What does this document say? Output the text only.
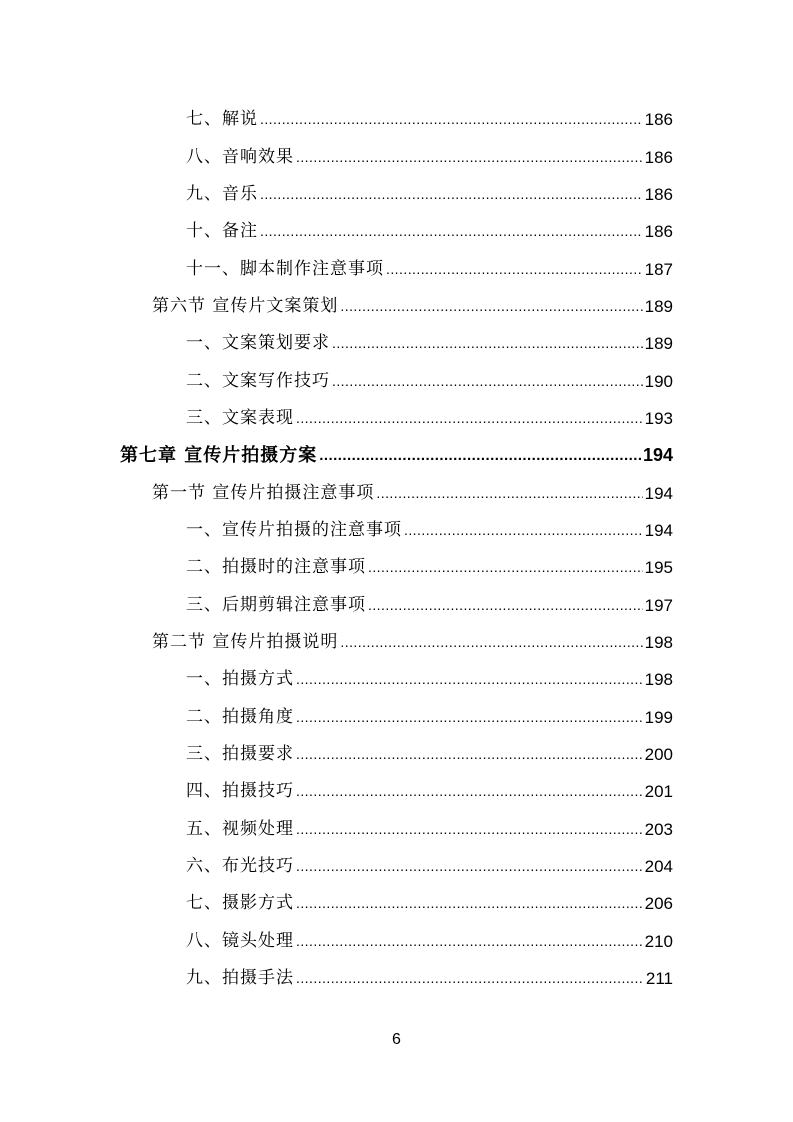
七、解说 .....	186
八、音响效果 .....	186
九、音乐 .....	186
十、备注 .....	186
十一、脚本制作注意事项 .....	187
第六节 宣传片文案策划 .....	189
一、文案策划要求 .....	189
二、文案写作技巧 .....	190
三、文案表现 .....	193
第七章 宣传片拍摄方案 .....	194
第一节 宣传片拍摄注意事项 .....	194
一、宣传片拍摄的注意事项 .....	194
二、拍摄时的注意事项 .....	195
三、后期剪辑注意事项 .....	197
第二节 宣传片拍摄说明 .....	198
一、拍摄方式 .....	198
二、拍摄角度 .....	199
三、拍摄要求 .....	200
四、拍摄技巧 .....	201
五、视频处理 .....	203
六、布光技巧 .....	204
七、摄影方式 .....	206
八、镜头处理 .....	210
九、拍摄手法 .....	211
6
